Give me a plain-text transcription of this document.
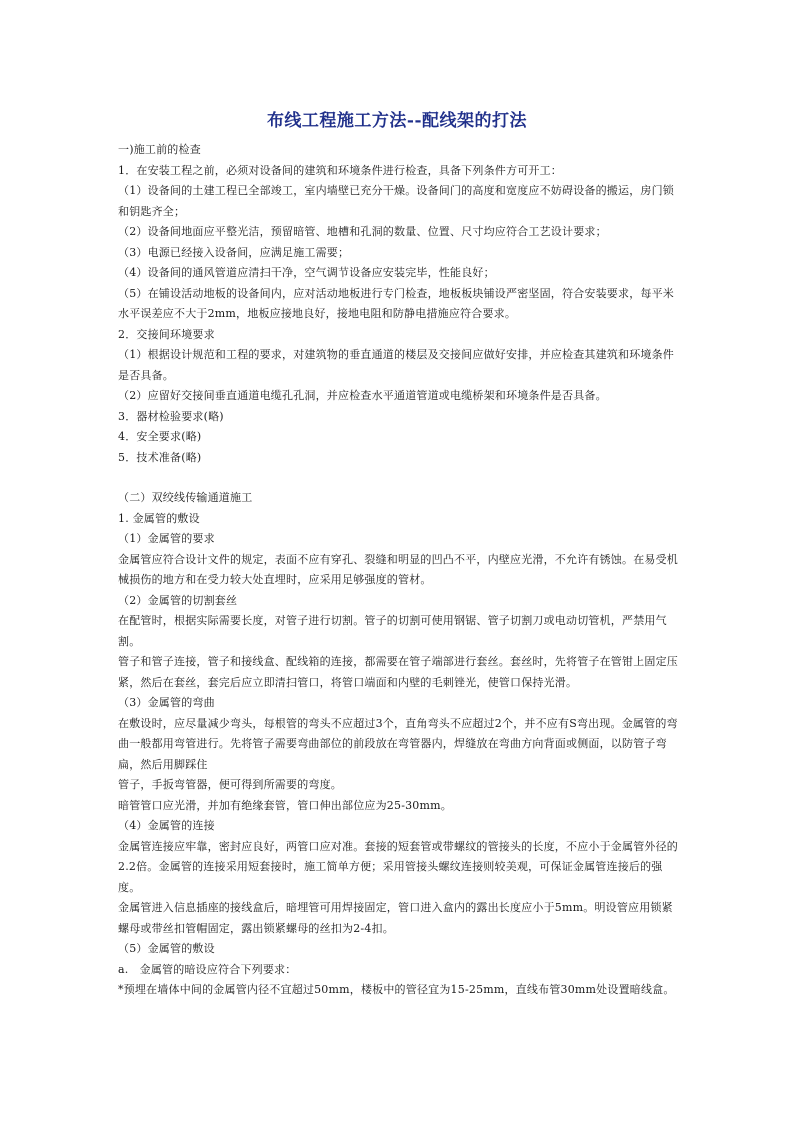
布线工程施工方法--配线架的打法

一)施工前的检查

1．在安装工程之前，必须对设备间的建筑和环境条件进行检查，具备下列条件方可开工：

（1）设备间的土建工程已全部竣工，室内墙壁已充分干燥。设备间门的高度和宽度应不妨碍设备的搬运，房门锁和钥匙齐全；

（2）设备间地面应平整光洁，预留暗管、地槽和孔洞的数量、位置、尺寸均应符合工艺设计要求；

（3）电源已经接入设备间，应满足施工需要；

（4）设备间的通风管道应清扫干净，空气调节设备应安装完毕，性能良好；

（5）在铺设活动地板的设备间内，应对活动地板进行专门检查，地板板块铺设严密坚固，符合安装要求，每平米水平误差应不大于2mm，地板应接地良好，接地电阻和防静电措施应符合要求。

2．交接间环境要求

（1）根据设计规范和工程的要求，对建筑物的垂直通道的楼层及交接间应做好安排，并应检查其建筑和环境条件是否具备。

（2）应留好交接间垂直通道电缆孔孔洞，并应检查水平通道管道或电缆桥架和环境条件是否具备。

3．器材检验要求(略)

4．安全要求(略)

5．技术准备(略)

（二）双绞线传输通道施工

1. 金属管的敷设

（1）金属管的要求

金属管应符合设计文件的规定，表面不应有穿孔、裂缝和明显的凹凸不平，内壁应光滑，不允许有锈蚀。在易受机械损伤的地方和在受力较大处直埋时，应采用足够强度的管材。

（2）金属管的切割套丝

在配管时，根据实际需要长度，对管子进行切割。管子的切割可使用钢锯、管子切割刀或电动切管机，严禁用气割。

管子和管子连接，管子和接线盒、配线箱的连接，都需要在管子端部进行套丝。套丝时，先将管子在管钳上固定压紧，然后在套丝，套完后应立即清扫管口，将管口端面和内壁的毛刺锉光，使管口保持光滑。

（3）金属管的弯曲

在敷设时，应尽量减少弯头，每根管的弯头不应超过3个，直角弯头不应超过2个，并不应有S弯出现。金属管的弯曲一般都用弯管进行。先将管子需要弯曲部位的前段放在弯管器内，焊缝放在弯曲方向背面或侧面，以防管子弯扁，然后用脚踩住

管子，手扳弯管器，便可得到所需要的弯度。

暗管管口应光滑，并加有绝缘套管，管口伸出部位应为25-30mm。

（4）金属管的连接

金属管连接应牢靠，密封应良好，两管口应对准。套接的短套管或带螺纹的管接头的长度，不应小于金属管外径的2.2倍。金属管的连接采用短套接时，施工简单方便；采用管接头螺纹连接则较美观，可保证金属管连接后的强度。

金属管进入信息插座的接线盒后，暗埋管可用焊接固定，管口进入盒内的露出长度应小于5mm。明设管应用锁紧螺母或带丝扣管帽固定，露出锁紧螺母的丝扣为2-4扣。

（5）金属管的敷设

a.　金属管的暗设应符合下列要求：

*预埋在墙体中间的金属管内径不宜超过50mm，楼板中的管径宜为15-25mm，直线布管30mm处设置暗线盒。
